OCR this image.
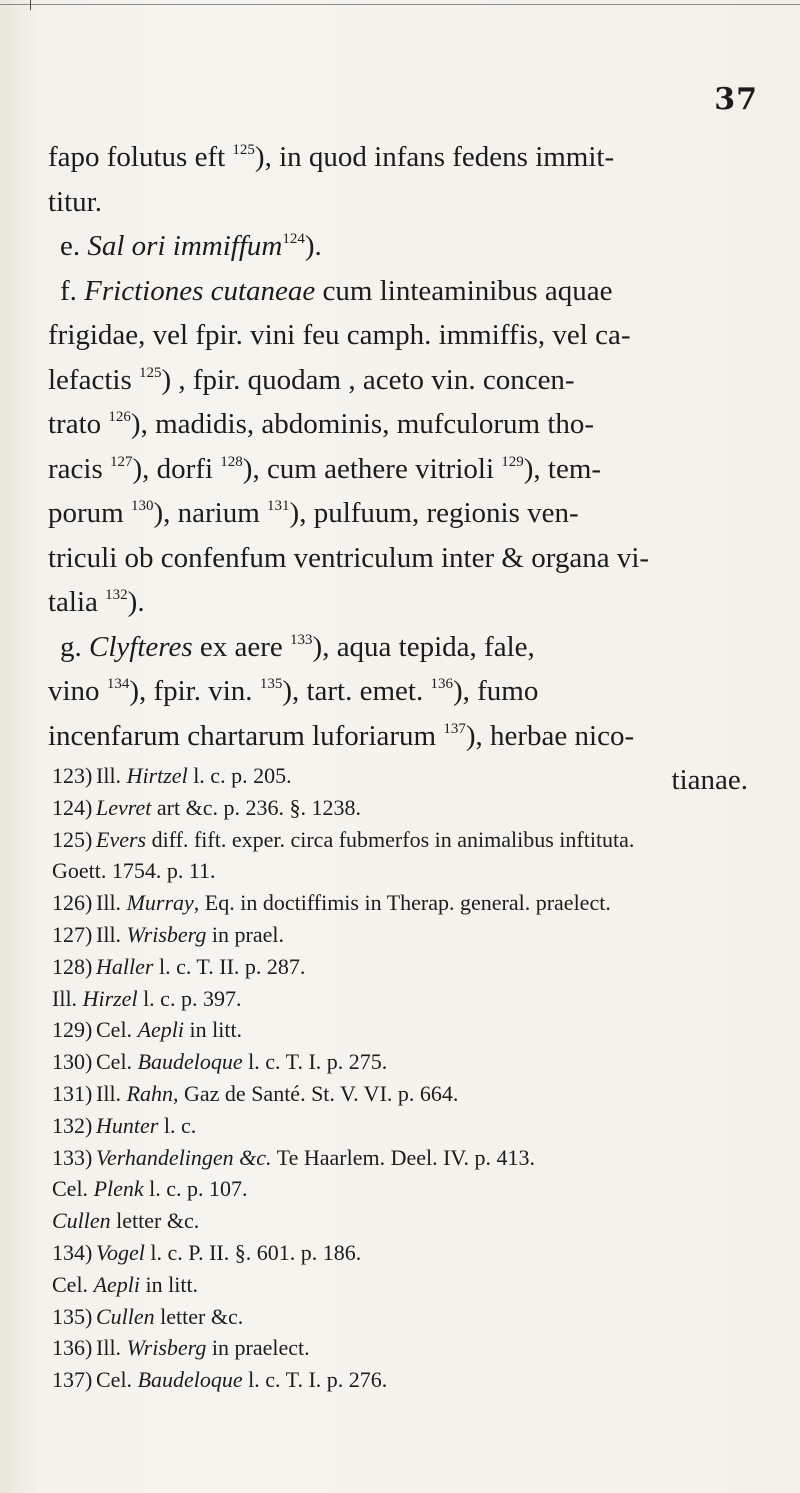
37
fapo folutus eft $^{125}$), in quod infans fedens immit-
titur.
e. Sal ori immiffum$^{124}$).
f. Frictiones cutaneae cum linteaminibus aquae
frigidae, vel fpir. vini feu camph. immiffis, vel ca-
lefactis $^{125}$) , fpir. quodam , aceto vin. concen-
trato $^{126}$), madidis, abdominis, mufculorum tho-
racis $^{127}$), dorfi $^{128}$), cum aethere vitrioli $^{129}$), tem-
porum $^{130}$), narium $^{131}$), pulfuum, regionis ven-
triculi ob confenfum ventriculum inter & organa vi-
talia $^{132}$).
g. Clyfteres ex aere $^{133}$), aqua tepida, fale,
vino $^{134}$), fpir. vin. $^{135}$), tart. emet. $^{136}$), fumo
incenfarum chartarum luforiarum $^{137}$), herbae nico-
tianae.
123) Ill. Hirtzel l. c. p. 205.
124) Levret art &c. p. 236. §. 1238.
125) Evers diff. fift. exper. circa fubmerfos in animalibus inftituta.
Goett. 1754. p. 11.
126) Ill. Murray, Eq. in doctiffimis in Therap. general. praelect.
127) Ill. Wrisberg in prael.
128) Haller l. c. T. II. p. 287.
Ill. Hirzel l. c. p. 397.
129) Cel. Aepli in litt.
130) Cel. Baudeloque l. c. T. I. p. 275.
131) Ill. Rahn, Gaz de Santé. St. V. VI. p. 664.
132) Hunter l. c.
133) Verhandelingen &c. Te Haarlem. Deel. IV. p. 413.
Cel. Plenk l. c. p. 107.
Cullen letter &c.
134) Vogel l. c. P. II. §. 601. p. 186.
Cel. Aepli in litt.
135) Cullen letter &c.
136) Ill. Wrisberg in praelect.
137) Cel. Baudeloque l. c. T. I. p. 276.
